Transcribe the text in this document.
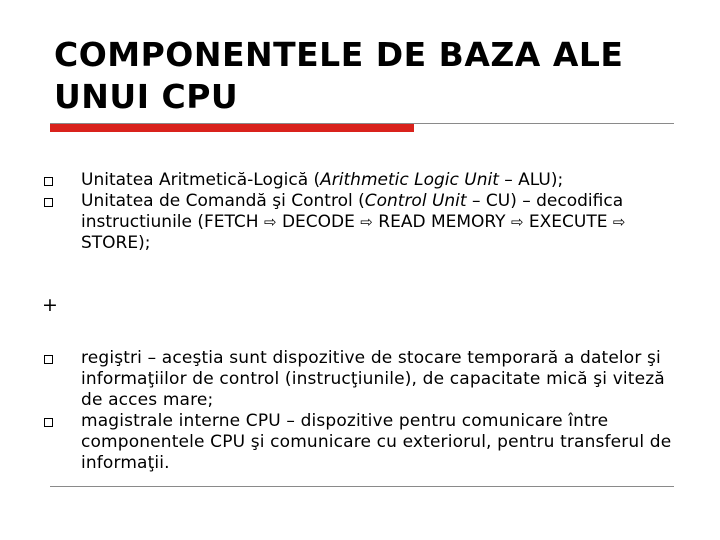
COMPONENTELE DE BAZA ALE
UNUI CPU
Unitatea Aritmetică-Logică (Arithmetic Logic Unit – ALU);
Unitatea de Comandă şi Control (Control Unit – CU) – decodifica instructiunile (FETCH ⇨ DECODE ⇨ READ MEMORY ⇨ EXECUTE ⇨ STORE);
+
regiştri – aceştia sunt dispozitive de stocare temporară a datelor şi informaţiilor de control (instrucţiunile), de capacitate mică şi viteză de acces mare;
magistrale interne CPU – dispozitive pentru comunicare între componentele CPU şi comunicare cu exteriorul, pentru transferul de informaţii.
